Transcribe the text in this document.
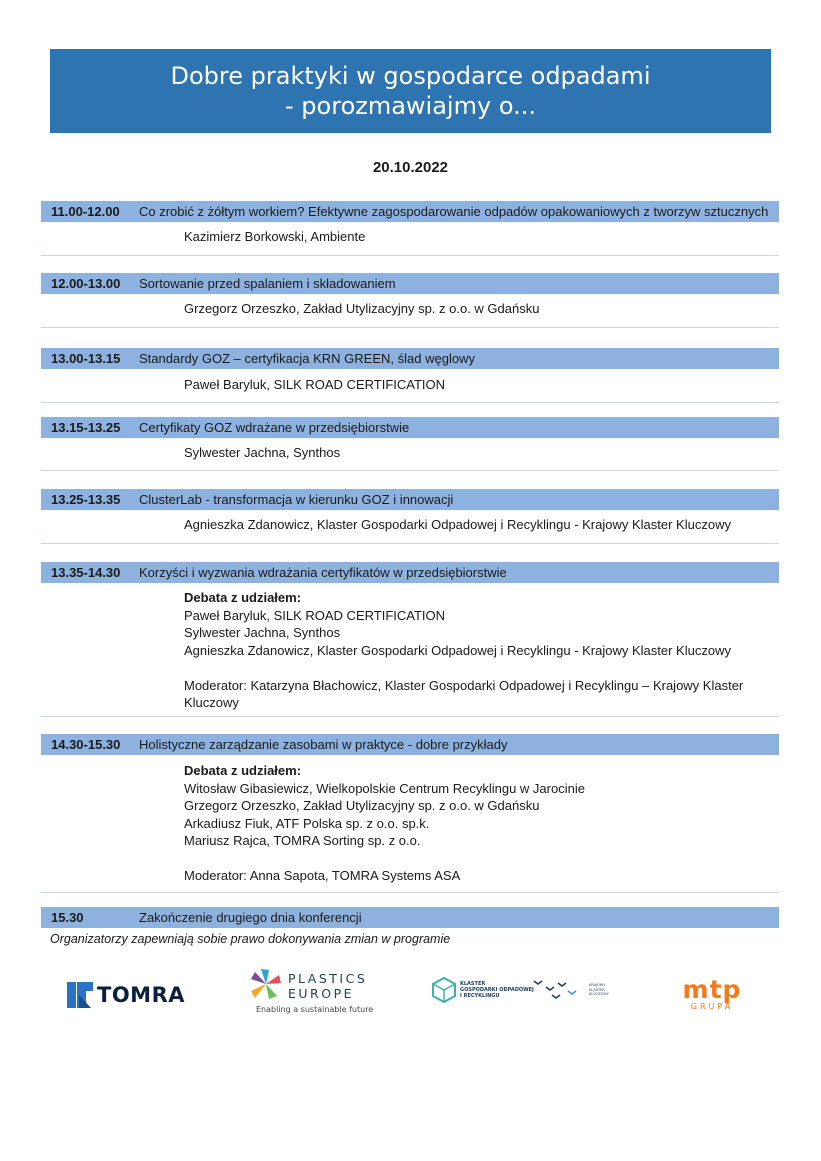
Dobre praktyki w gospodarce odpadami
- porozmawiajmy o...
20.10.2022
11.00-12.00 Co zrobić z żółtym workiem? Efektywne zagospodarowanie odpadów opakowaniowych z tworzyw sztucznych
Kazimierz Borkowski, Ambiente
12.00-13.00 Sortowanie przed spalaniem i składowaniem
Grzegorz Orzeszko, Zakład Utylizacyjny sp. z o.o. w Gdańsku
13.00-13.15 Standardy GOZ – certyfikacja KRN GREEN, ślad węglowy
Paweł Baryluk, SILK ROAD CERTIFICATION
13.15-13.25 Certyfikaty GOZ wdrażane w przedsiębiorstwie
Sylwester Jachna, Synthos
13.25-13.35 ClusterLab - transformacja w kierunku GOZ i innowacji
Agnieszka Zdanowicz, Klaster Gospodarki Odpadowej i Recyklingu - Krajowy Klaster Kluczowy
13.35-14.30 Korzyści i wyzwania wdrażania certyfikatów w przedsiębiorstwie
Debata z udziałem:
Paweł Baryluk, SILK ROAD CERTIFICATION
Sylwester Jachna, Synthos
Agnieszka Zdanowicz, Klaster Gospodarki Odpadowej i Recyklingu - Krajowy Klaster Kluczowy
Moderator: Katarzyna Błachowicz, Klaster Gospodarki Odpadowej i Recyklingu – Krajowy Klaster
Kluczowy
14.30-15.30 Holistyczne zarządzanie zasobami w praktyce - dobre przykłady
Debata z udziałem:
Witosław Gibasiewicz, Wielkopolskie Centrum Recyklingu w Jarocinie
Grzegorz Orzeszko, Zakład Utylizacyjny sp. z o.o. w Gdańsku
Arkadiusz Fiuk, ATF Polska sp. z o.o. sp.k.
Mariusz Rajca, TOMRA Sorting sp. z o.o.
Moderator: Anna Sapota, TOMRA Systems ASA
15.30	Zakończenie drugiego dnia konferencji
Organizatorzy zapewniają sobie prawo dokonywania zmian w programie
TOMRA
PLASTICS
EUROPE
Enabling a sustainable future
KLASTER
GOSPODARKI ODPADOWEJ
I RECYKLINGU
KRAJOWY KLASTER KLUCZOWY	mtp
GRUPA
